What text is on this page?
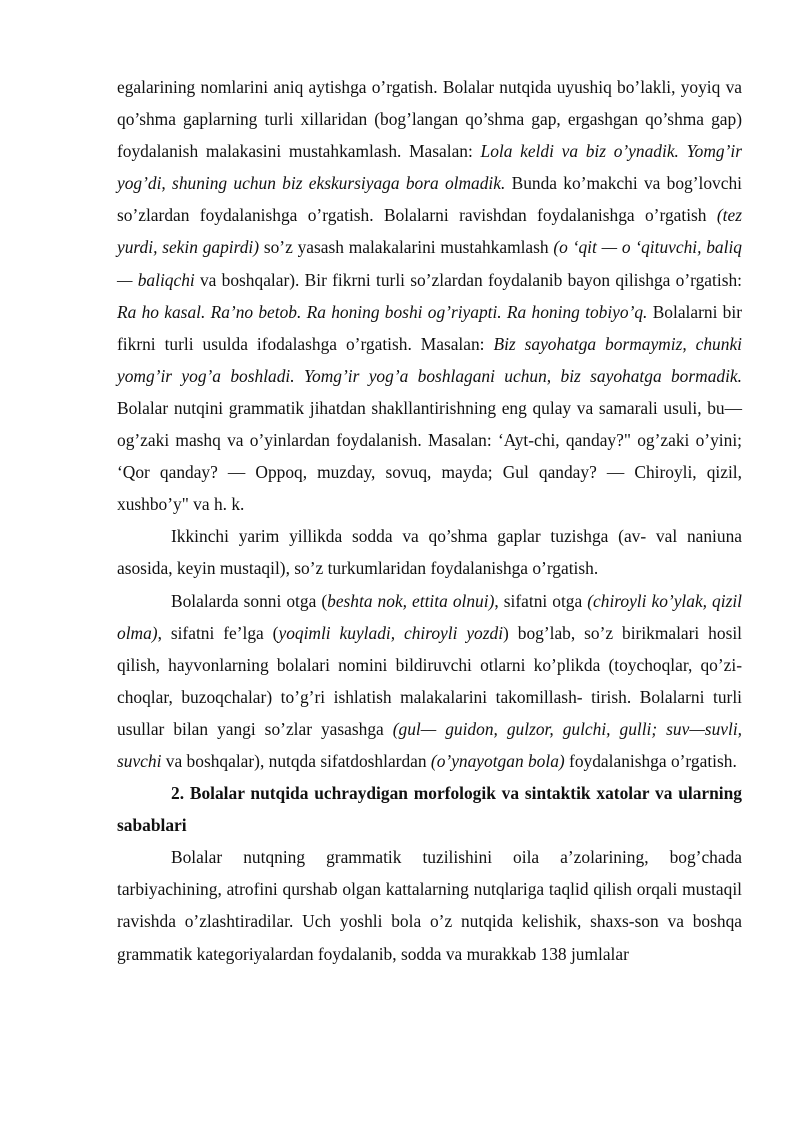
egalarining nomlarini aniq aytishga o’rgatish. Bolalar nutqida uyushiq bo’lakli, yoyiq va qo’shma gaplarning turli xillaridan (bog’langan qo’shma gap, ergashgan qo’shma gap) foydalanish malakasini mustahkamlash. Masalan: Lola keldi va biz o’ynadik. Yomg’ir yog’di, shuning uchun biz ekskursiyaga bora olmadik. Bunda ko’makchi va bog’lovchi so’zlardan foydalanishga o’rgatish. Bolalarni ravishdan foydalanishga o’rgatish (tez yurdi, sekin gapirdi) so’z yasash malakalarini mustahkamlash (o ‘qit — o ‘qituvchi, baliq — baliqchi va boshqalar). Bir fikrni turli so’zlardan foydalanib bayon qilishga o’rgatish: Ra ho kasal. Ra’no betob. Ra honing boshi og’riyapti. Ra honing tobiyo’q. Bolalarni bir fikrni turli usulda ifodalashga o’rgatish. Masalan: Biz sayohatga bormaymiz, chunki yomg’ir yog’a boshladi. Yomg’ir yog’a boshlagani uchun, biz sayohatga bormadik. Bolalar nutqini grammatik jihatdan shakllantirishning eng qulay va samarali usuli, bu—og’zaki mashq va o’yinlardan foydalanish. Masalan: ‘Ayt-chi, qanday?" og’zaki o’yini; ‘Qor qanday? — Oppoq, muzday, sovuq, mayda; Gul qanday? — Chiroyli, qizil, xushbo’y" va h. k.

Ikkinchi yarim yillikda sodda va qo’shma gaplar tuzishga (av- val naniuna asosida, keyin mustaqil), so’z turkumlaridan foydalanishga o’rgatish.

Bolalarda sonni otga (beshta nok, ettita olnui), sifatni otga (chiroyli ko’ylak, qizil olma), sifatni fe’lga (yoqimli kuyladi, chiroyli yozdi) bog’lab, so’z birikmalari hosil qilish, hayvonlarning bolalari nomini bildiruvchi otlarni ko’plikda (toychoqlar, qo’zi- choqlar, buzoqchalar) to’g’ri ishlatish malakalarini takomillash- tirish. Bolalarni turli usullar bilan yangi so’zlar yasashga (gul— guidon, gulzor, gulchi, gulli; suv—suvli, suvchi va boshqalar), nutqda sifatdoshlardan (o’ynayotgan bola) foydalanishga o’rgatish.

2. Bolalar nutqida uchraydigan morfologik va sintaktik xatolar va ularning sabablari

Bolalar nutqning grammatik tuzilishini oila a’zolarining, bog’chada tarbiyachining, atrofini qurshab olgan kattalarning nutqlariga taqlid qilish orqali mustaqil ravishda o’zlashtiradilar. Uch yoshli bola o’z nutqida kelishik, shaxs-son va boshqa grammatik kategoriyalardan foydalanib, sodda va murakkab 138 jumlalar
